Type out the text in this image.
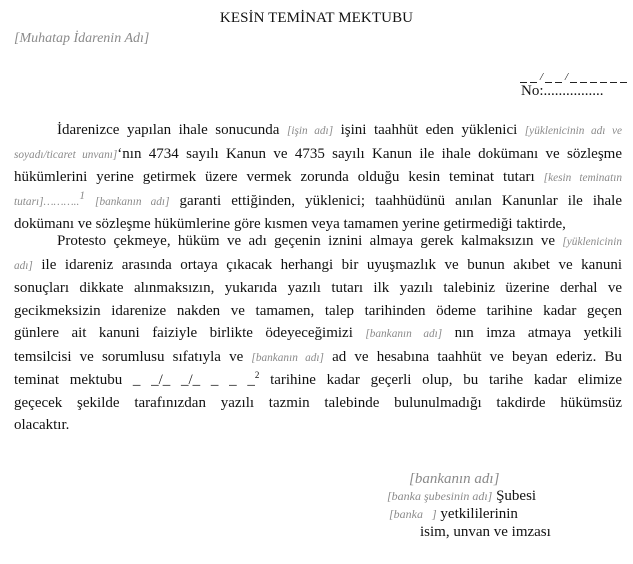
KESİN TEMİNAT MEKTUBU
[Muhatap İdarenin Adı]
/ /
No:................
İdarenizce yapılan ihale sonucunda [işin adı] işini taahhüt eden yüklenici [yüklenicinin adı ve
soyadı/ticaret unvanı]‘nın 4734 sayılı Kanun ve 4735 sayılı Kanun ile ihale dokümanı ve sözleşme
hükümlerini yerine getirmek üzere vermek zorunda olduğu kesin teminat tutarı [kesin teminatın
tutarı]………..$^1$ [bankanın adı] garanti ettiğinden, yüklenici; taahhüdünü anılan Kanunlar ile ihale
dokümanı ve sözleşme hükümlerine göre kısmen veya tamamen yerine getirmediği taktirde,
Protesto çekmeye, hüküm ve adı geçenin iznini almaya gerek kalmaksızın ve [yüklenicinin
adı] ile idareniz arasında ortaya çıkacak herhangi bir uyuşmazlık ve bunun akıbet ve kanuni
sonuçları dikkate alınmaksızın, yukarıda yazılı tutarı ilk yazılı talebiniz üzerine derhal ve
gecikmeksizin idarenize nakden ve tamamen, talep tarihinden ödeme tarihine kadar geçen
günlere ait kanuni faiziyle birlikte ödeyeceğimizi [bankanın adı] nın imza atmaya yetkili
temsilcisi ve sorumlusu sıfatıyla ve [bankanın adı] ad ve hesabına taahhüt ve beyan ederiz. Bu
teminat mektubu _ _/_ _/_ _ _ _$^2$ tarihine kadar geçerli olup, bu tarihe kadar elimize
geçecek şekilde tarafınızdan yazılı tazmin talebinde bulunulmadığı takdirde hükümsüz
olacaktır.
[bankanın adı]
[banka şubesinin adı] Şubesi
[banka   ] yetkililerinin
isim, unvan ve imzası
